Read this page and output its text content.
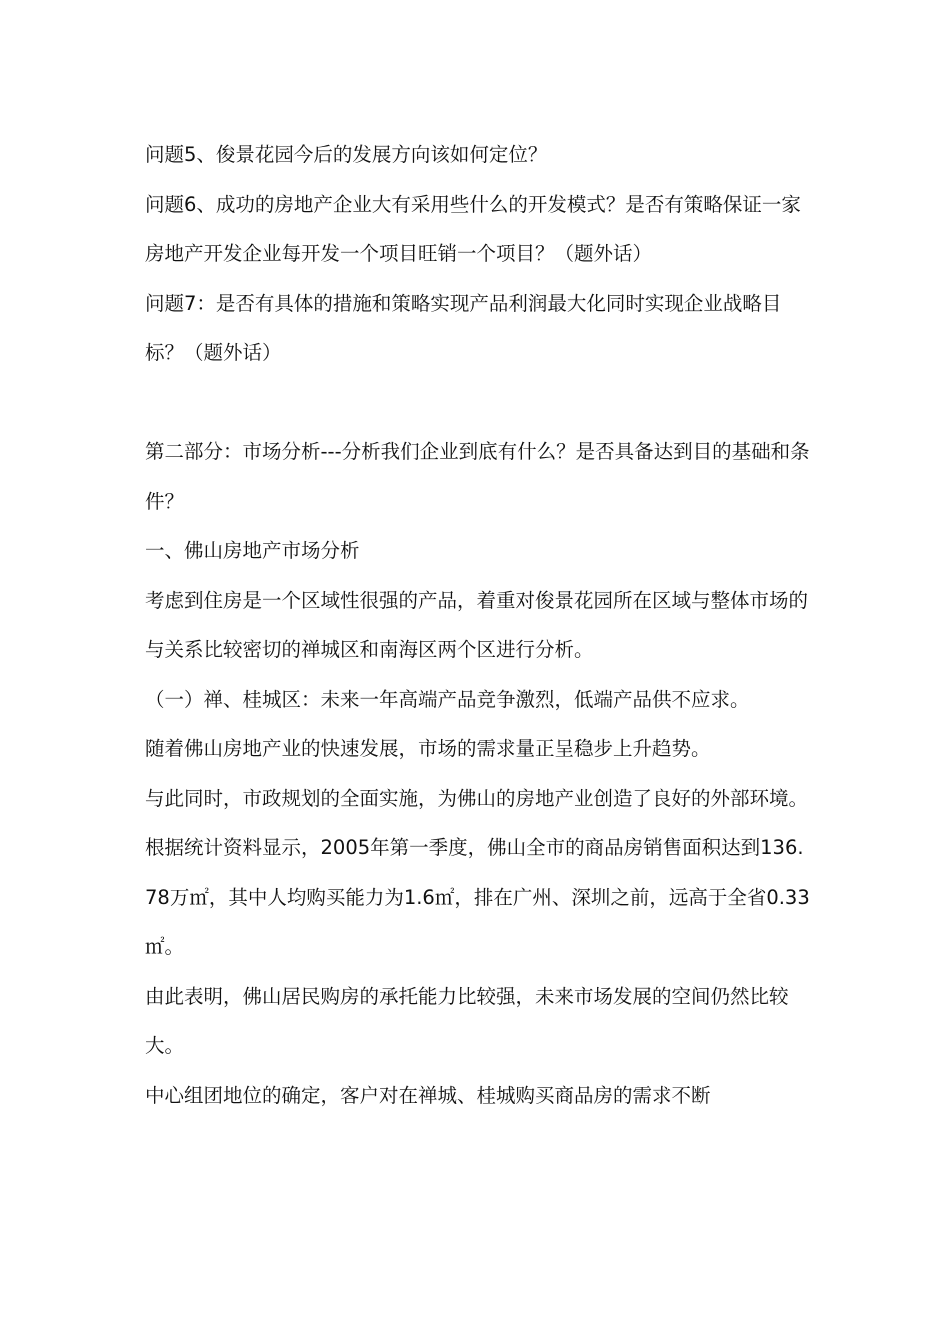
问题5、俊景花园今后的发展方向该如何定位？

问题6、成功的房地产企业大有采用些什么的开发模式？是否有策略保证一家房地产开发企业每开发一个项目旺销一个项目？（题外话）

问题7：是否有具体的措施和策略实现产品利润最大化同时实现企业战略目标？（题外话）

第二部分：市场分析---分析我们企业到底有什么？是否具备达到目的基础和条件？

一、佛山房地产市场分析

考虑到住房是一个区域性很强的产品，着重对俊景花园所在区域与整体市场的与关系比较密切的禅城区和南海区两个区进行分析。

（一）禅、桂城区：未来一年高端产品竞争激烈，低端产品供不应求。

随着佛山房地产业的快速发展，市场的需求量正呈稳步上升趋势。

与此同时，市政规划的全面实施，为佛山的房地产业创造了良好的外部环境。根据统计资料显示，2005年第一季度，佛山全市的商品房销售面积达到136.78万㎡，其中人均购买能力为1.6㎡，排在广州、深圳之前，远高于全省0.33㎡。

由此表明，佛山居民购房的承托能力比较强，未来市场发展的空间仍然比较大。

中心组团地位的确定，客户对在禅城、桂城购买商品房的需求不断
